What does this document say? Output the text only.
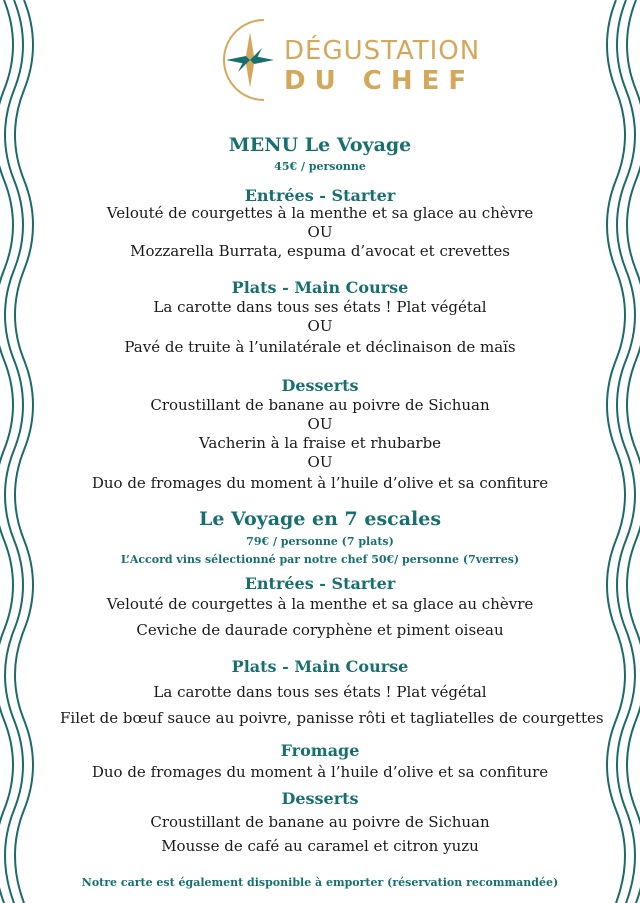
DÉGUSTATION
DU CHEF
MENU Le Voyage
45€ / personne
Entrées - Starter
Velouté de courgettes à la menthe et sa glace au chèvre
OU
Mozzarella Burrata, espuma d’avocat et crevettes
Plats - Main Course
La carotte dans tous ses états ! Plat végétal
OU
Pavé de truite à l’unilatérale et déclinaison de maïs
Desserts
Croustillant de banane au poivre de Sichuan
OU
Vacherin à la fraise et rhubarbe
OU
Duo de fromages du moment à l’huile d’olive et sa confiture
Le Voyage en 7 escales
79€ / personne (7 plats)
L’Accord vins sélectionné par notre chef 50€/ personne (7verres)
Entrées - Starter
Velouté de courgettes à la menthe et sa glace au chèvre
Ceviche de daurade coryphène et piment oiseau
Plats - Main Course
La carotte dans tous ses états ! Plat végétal
Filet de bœuf sauce au poivre, panisse rôti et tagliatelles de courgettes
Fromage
Duo de fromages du moment à l’huile d’olive et sa confiture
Desserts
Croustillant de banane au poivre de Sichuan
Mousse de café au caramel et citron yuzu
Notre carte est également disponible à emporter (réservation recommandée)
